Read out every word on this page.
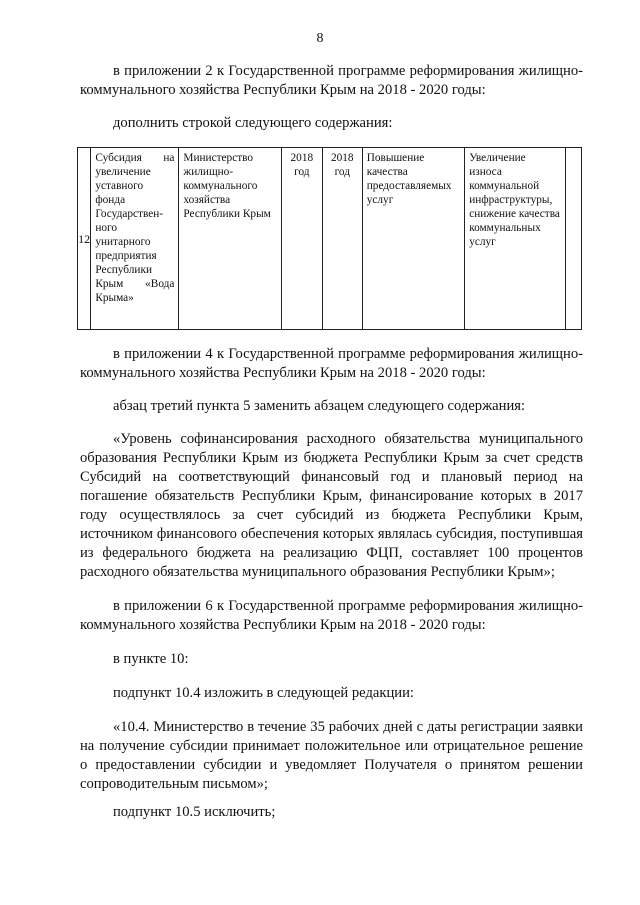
8
в приложении 2 к Государственной программе реформирования жилищно-коммунального хозяйства Республики Крым на 2018 - 2020 годы:
дополнить строкой следующего содержания:
12	Субсидия на увеличение уставного фонда Государствен-ного унитарного предприятия Республики Крым «Вода Крыма»	Министерство жилищно-коммунального хозяйства Республики Крым	2018 год	2018 год	Повышение качества предоставляемых услуг	Увеличение износа коммунальной инфраструктуры, снижение качества коммунальных услуг	
в приложении 4 к Государственной программе реформирования жилищно-коммунального хозяйства Республики Крым на 2018 - 2020 годы:
абзац третий пункта 5 заменить абзацем следующего содержания:
«Уровень софинансирования расходного обязательства муниципального образования Республики Крым из бюджета Республики Крым за счет средств Субсидий на соответствующий финансовый год и плановый период на погашение обязательств Республики Крым, финансирование которых в 2017 году осуществлялось за счет субсидий из бюджета Республики Крым, источником финансового обеспечения которых являлась субсидия, поступившая из федерального бюджета на реализацию ФЦП, составляет 100 процентов расходного обязательства муниципального образования Республики Крым»;
в приложении 6 к Государственной программе реформирования жилищно-коммунального хозяйства Республики Крым на 2018 - 2020 годы:
в пункте 10:
подпункт 10.4 изложить в следующей редакции:
«10.4. Министерство в течение 35 рабочих дней с даты регистрации заявки на получение субсидии принимает положительное или отрицательное решение о предоставлении субсидии и уведомляет Получателя о принятом решении сопроводительным письмом»;
подпункт 10.5 исключить;
